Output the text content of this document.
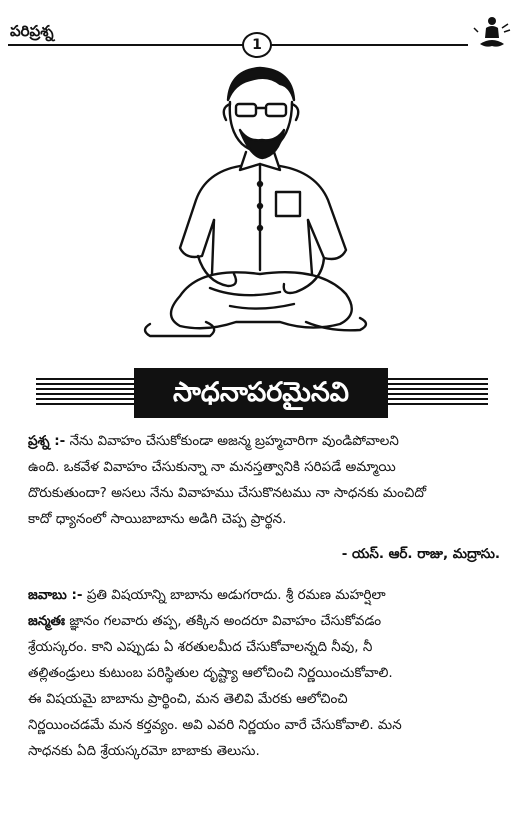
పరిప్రశ్న
1
సాధనాపరమైనవి
ప్రశ్న :- నేను వివాహం చేసుకోకుండా అజన్మ బ్రహ్మచారిగా వుండిపోవాలని
ఉంది. ఒకవేళ వివాహం చేసుకున్నా నా మనస్తత్వానికి సరిపడే అమ్మాయి
దొరుకుతుందా? అసలు నేను వివాహము చేసుకొనటము నా సాధనకు మంచిదో
కాదో ధ్యానంలో సాయిబాబాను అడిగి చెప్ప ప్రార్థన.
- యస్. ఆర్. రాజు, మద్రాసు.
జవాబు :- ప్రతి విషయాన్ని బాబాను అడుగరాదు. శ్రీ రమణ మహర్షిలా
జన్మతః జ్ఞానం గలవారు తప్ప, తక్కిన అందరూ వివాహం చేసుకోవడం
శ్రేయస్కరం. కాని ఎప్పుడు ఏ శరతులమీద చేసుకోవాలన్నది నీవు, నీ
తల్లితండ్రులు కుటుంబ పరిస్థితుల దృష్ట్యా ఆలోచించి నిర్ణయించుకోవాలి.
ఈ విషయమై బాబాను ప్రార్థించి, మన తెలివి మేరకు ఆలోచించి
నిర్ణయించడమే మన కర్తవ్యం. అవి ఎవరి నిర్ణయం వారే చేసుకోవాలి. మన
సాధనకు ఏది శ్రేయస్కరమో బాబాకు తెలుసు.
